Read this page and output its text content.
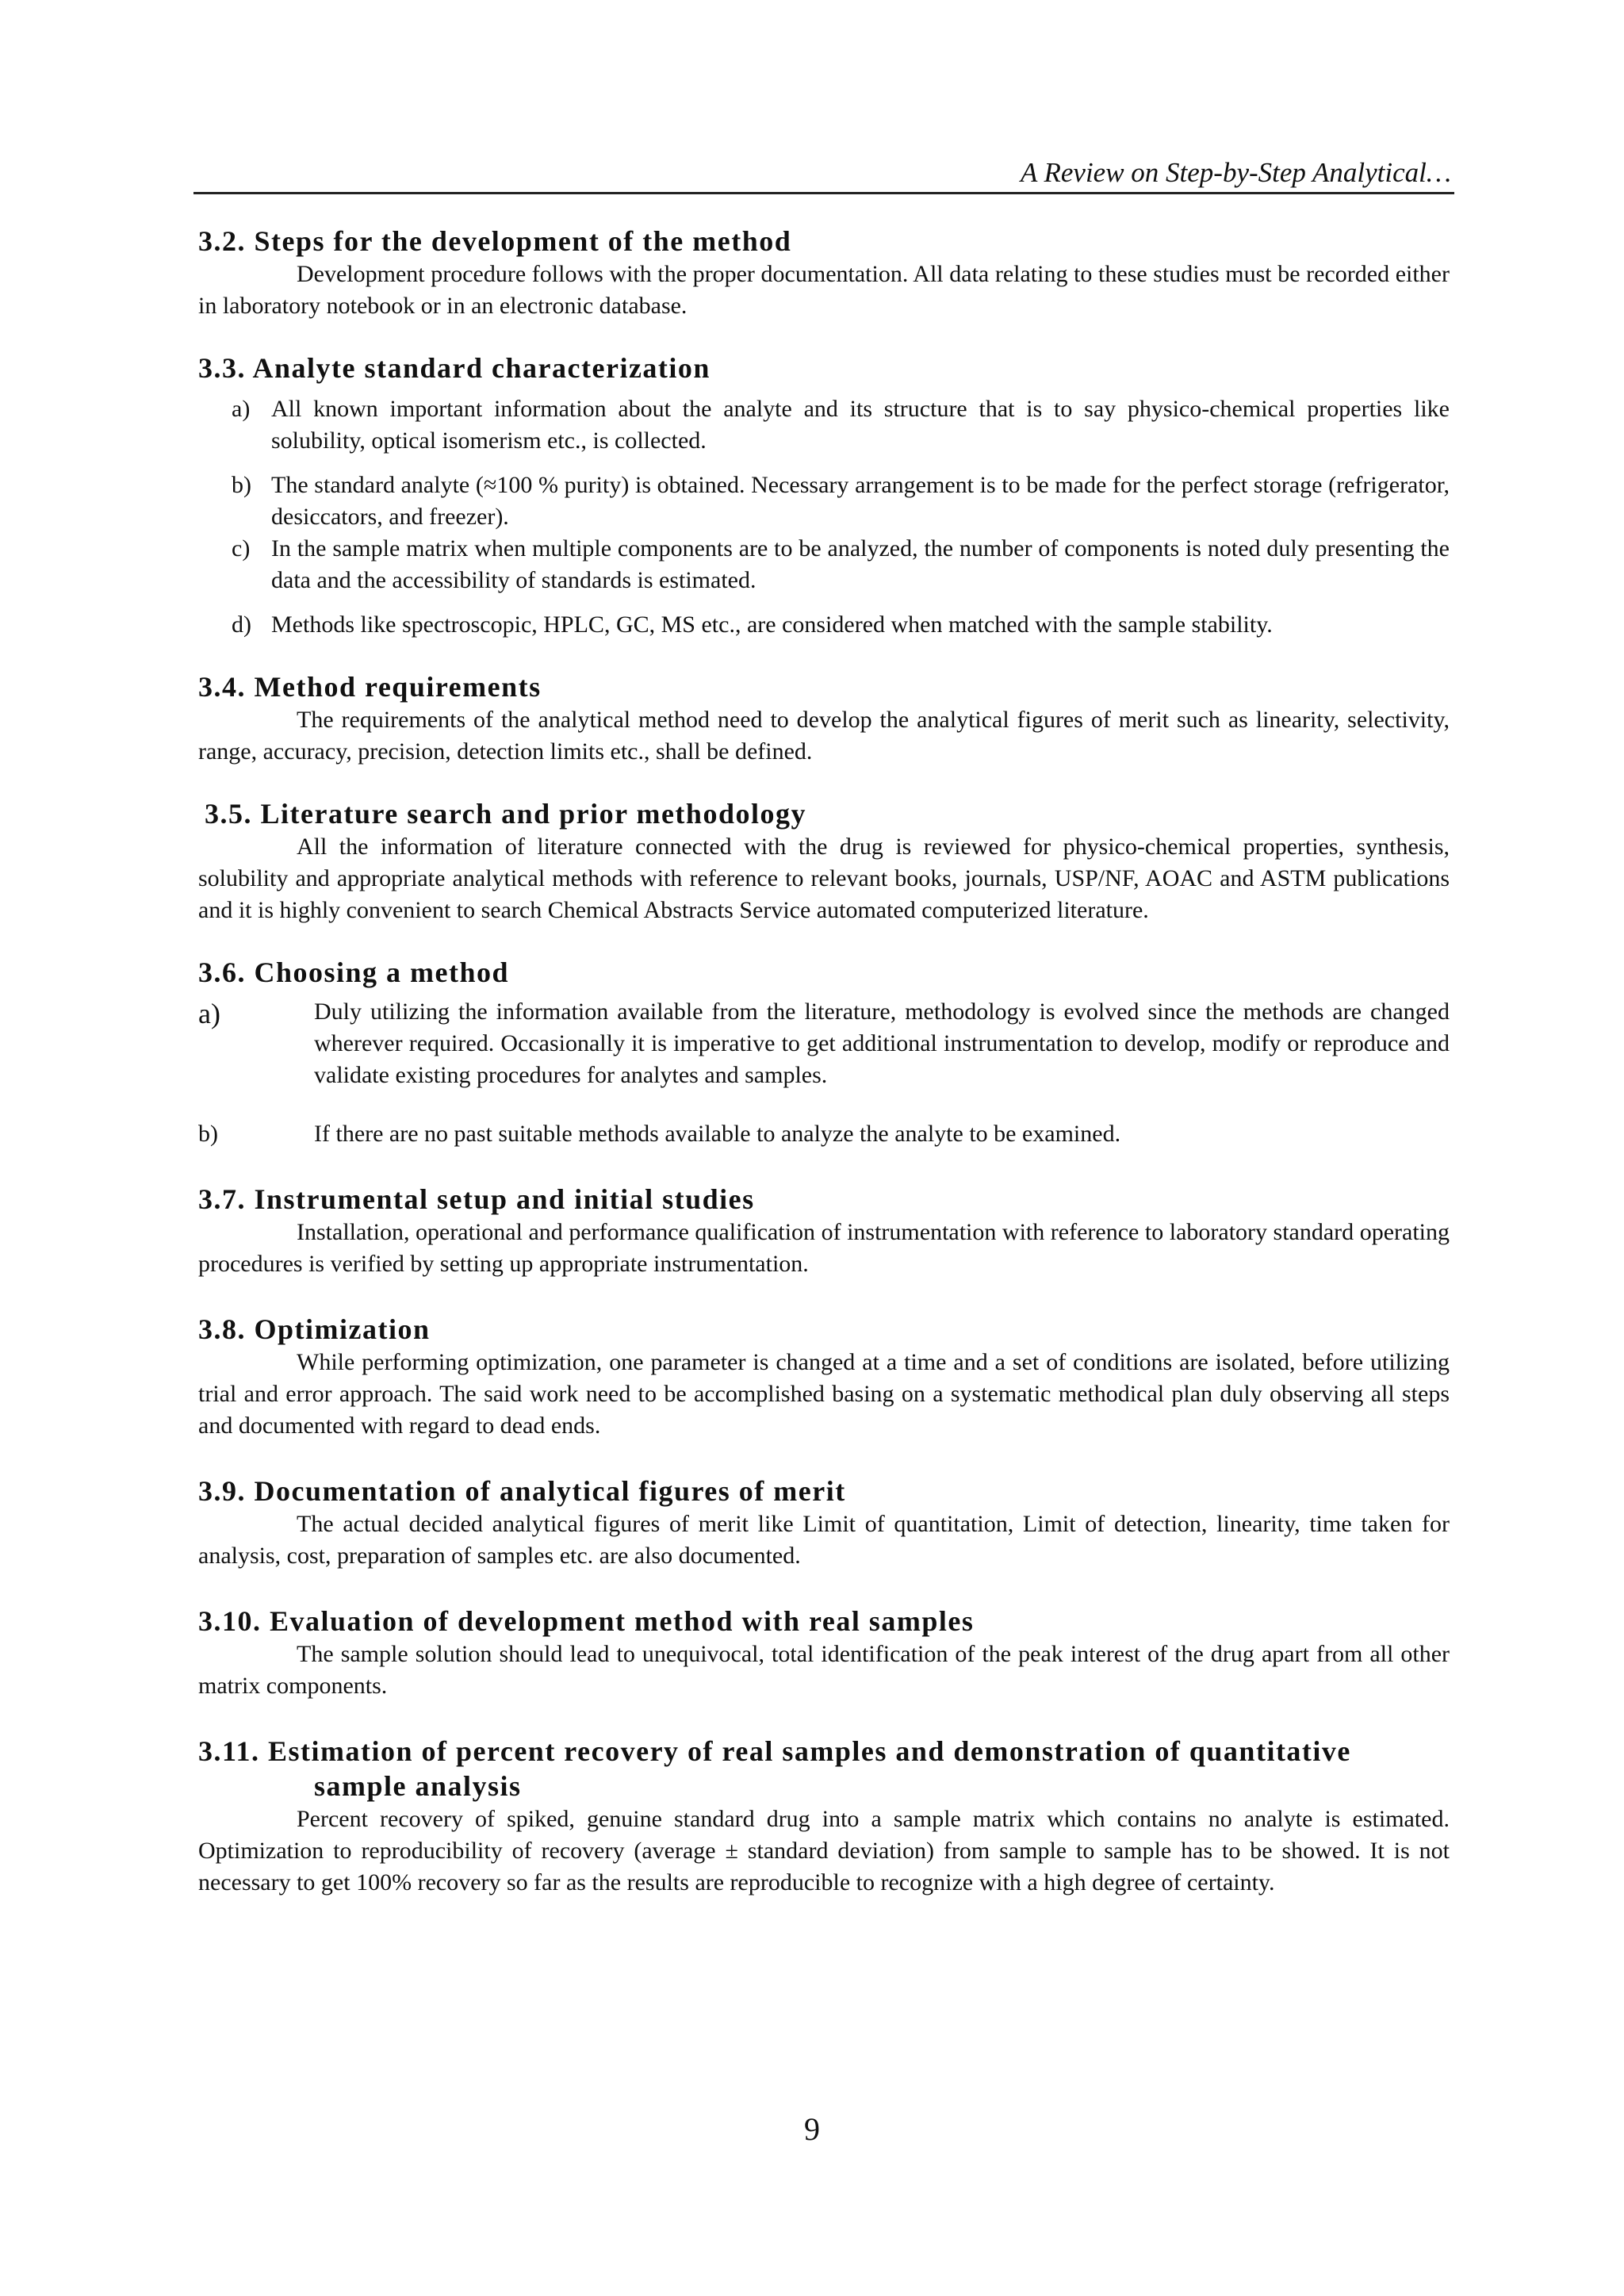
A Review on Step-by-Step Analytical…
3.2. Steps for the development of the method

Development procedure follows with the proper documentation. All data relating to these studies must be recorded either in laboratory notebook or in an electronic database.

3.3. Analyte standard characterization
a) All known important information about the analyte and its structure that is to say physico-chemical properties like solubility, optical isomerism etc., is collected.
b) The standard analyte (≈100 % purity) is obtained. Necessary arrangement is to be made for the perfect storage (refrigerator, desiccators, and freezer).
c) In the sample matrix when multiple components are to be analyzed, the number of components is noted duly presenting the data and the accessibility of standards is estimated.
d) Methods like spectroscopic, HPLC, GC, MS etc., are considered when matched with the sample stability.
3.4. Method requirements

The requirements of the analytical method need to develop the analytical figures of merit such as linearity, selectivity, range, accuracy, precision, detection limits etc., shall be defined.

3.5. Literature search and prior methodology

All the information of literature connected with the drug is reviewed for physico-chemical properties, synthesis, solubility and appropriate analytical methods with reference to relevant books, journals, USP/NF, AOAC and ASTM publications and it is highly convenient to search Chemical Abstracts Service automated computerized literature.

3.6. Choosing a method
a)	Duly utilizing the information available from the literature, methodology is evolved since the methods are changed wherever required. Occasionally it is imperative to get additional instrumentation to develop, modify or reproduce and validate existing procedures for analytes and samples.
b)	If there are no past suitable methods available to analyze the analyte to be examined.
3.7. Instrumental setup and initial studies

Installation, operational and performance qualification of instrumentation with reference to laboratory standard operating procedures is verified by setting up appropriate instrumentation.

3.8. Optimization

While performing optimization, one parameter is changed at a time and a set of conditions are isolated, before utilizing trial and error approach. The said work need to be accomplished basing on a systematic methodical plan duly observing all steps and documented with regard to dead ends.

3.9. Documentation of analytical figures of merit

The actual decided analytical figures of merit like Limit of quantitation, Limit of detection, linearity, time taken for analysis, cost, preparation of samples etc. are also documented.

3.10. Evaluation of development method with real samples

The sample solution should lead to unequivocal, total identification of the peak interest of the drug apart from all other matrix components.

3.11. Estimation of percent recovery of real samples and demonstration of quantitative
sample analysis

Percent recovery of spiked, genuine standard drug into a sample matrix which contains no analyte is estimated. Optimization to reproducibility of recovery (average ± standard deviation) from sample to sample has to be showed. It is not necessary to get 100% recovery so far as the results are reproducible to recognize with a high degree of certainty.

9
